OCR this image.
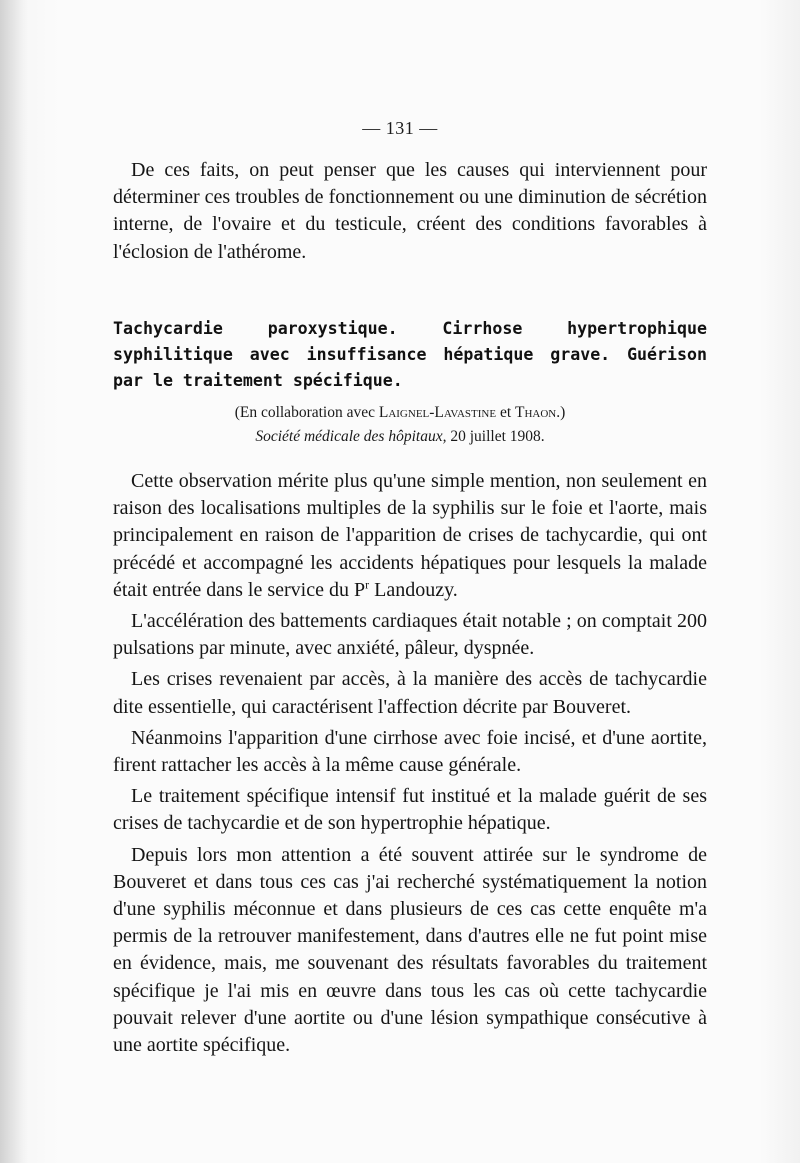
— 131 —

De ces faits, on peut penser que les causes qui interviennent pour déterminer ces troubles de fonctionnement ou une diminution de sécrétion interne, de l'ovaire et du testicule, créent des conditions favorables à l'éclosion de l'athérome.

Tachycardie paroxystique. Cirrhose hypertrophique syphilitique avec insuffisance hépatique grave. Guérison par le traitement spécifique.

(En collaboration avec Laignel-Lavastine et Thaon.)
Société médicale des hôpitaux, 20 juillet 1908.

Cette observation mérite plus qu'une simple mention, non seulement en raison des localisations multiples de la syphilis sur le foie et l'aorte, mais principalement en raison de l'apparition de crises de tachycardie, qui ont précédé et accompagné les accidents hépatiques pour lesquels la malade était entrée dans le service du $P^r$ Landouzy.

L'accélération des battements cardiaques était notable ; on comptait 200 pulsations par minute, avec anxiété, pâleur, dyspnée.

Les crises revenaient par accès, à la manière des accès de tachycardie dite essentielle, qui caractérisent l'affection décrite par Bouveret.

Néanmoins l'apparition d'une cirrhose avec foie incisé, et d'une aortite, firent rattacher les accès à la même cause générale.

Le traitement spécifique intensif fut institué et la malade guérit de ses crises de tachycardie et de son hypertrophie hépatique.

Depuis lors mon attention a été souvent attirée sur le syndrome de Bouveret et dans tous ces cas j'ai recherché systématiquement la notion d'une syphilis méconnue et dans plusieurs de ces cas cette enquête m'a permis de la retrouver manifestement, dans d'autres elle ne fut point mise en évidence, mais, me souvenant des résultats favorables du traitement spécifique je l'ai mis en œuvre dans tous les cas où cette tachycardie pouvait relever d'une aortite ou d'une lésion sympathique consécutive à une aortite spécifique.
